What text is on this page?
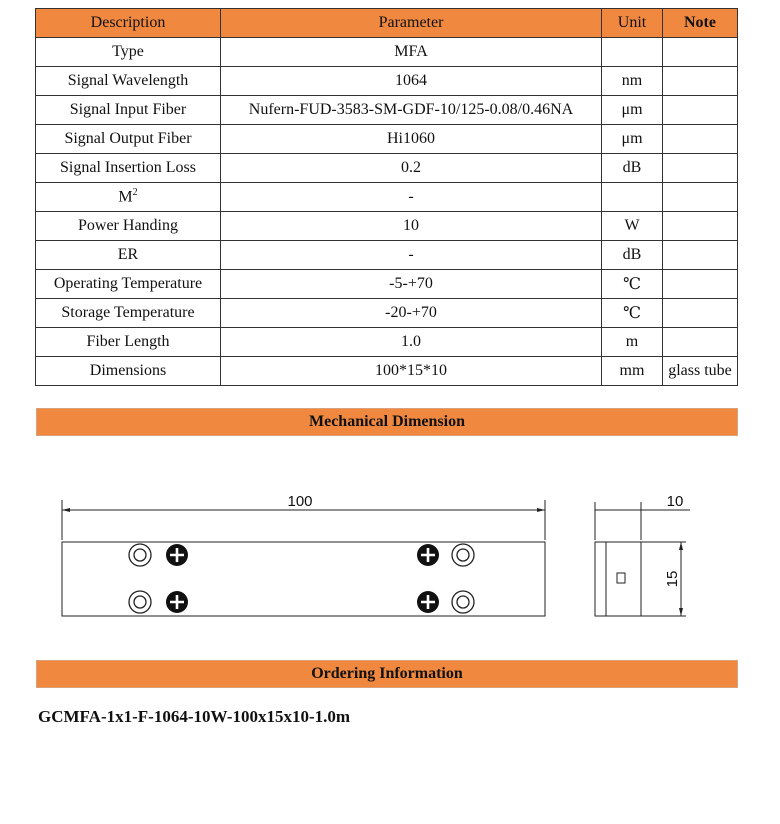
Description	Parameter	Unit	Note
Type	MFA		
Signal Wavelength	1064	nm	
Signal Input Fiber	Nufern-FUD-3583-SM-GDF-10/125-0.08/0.46NA	μm	
Signal Output Fiber	Hi1060	μm	
Signal Insertion Loss	0.2	dB	
$M^2$	-		
Power Handing	10	W	
ER	-	dB	
Operating Temperature	-5-+70	℃	
Storage Temperature	-20-+70	℃	
Fiber Length	1.0	m	
Dimensions	100*15*10	mm	glass tube
Mechanical Dimension
100	10
15
Ordering Information
GCMFA-1x1-F-1064-10W-100x15x10-1.0m
